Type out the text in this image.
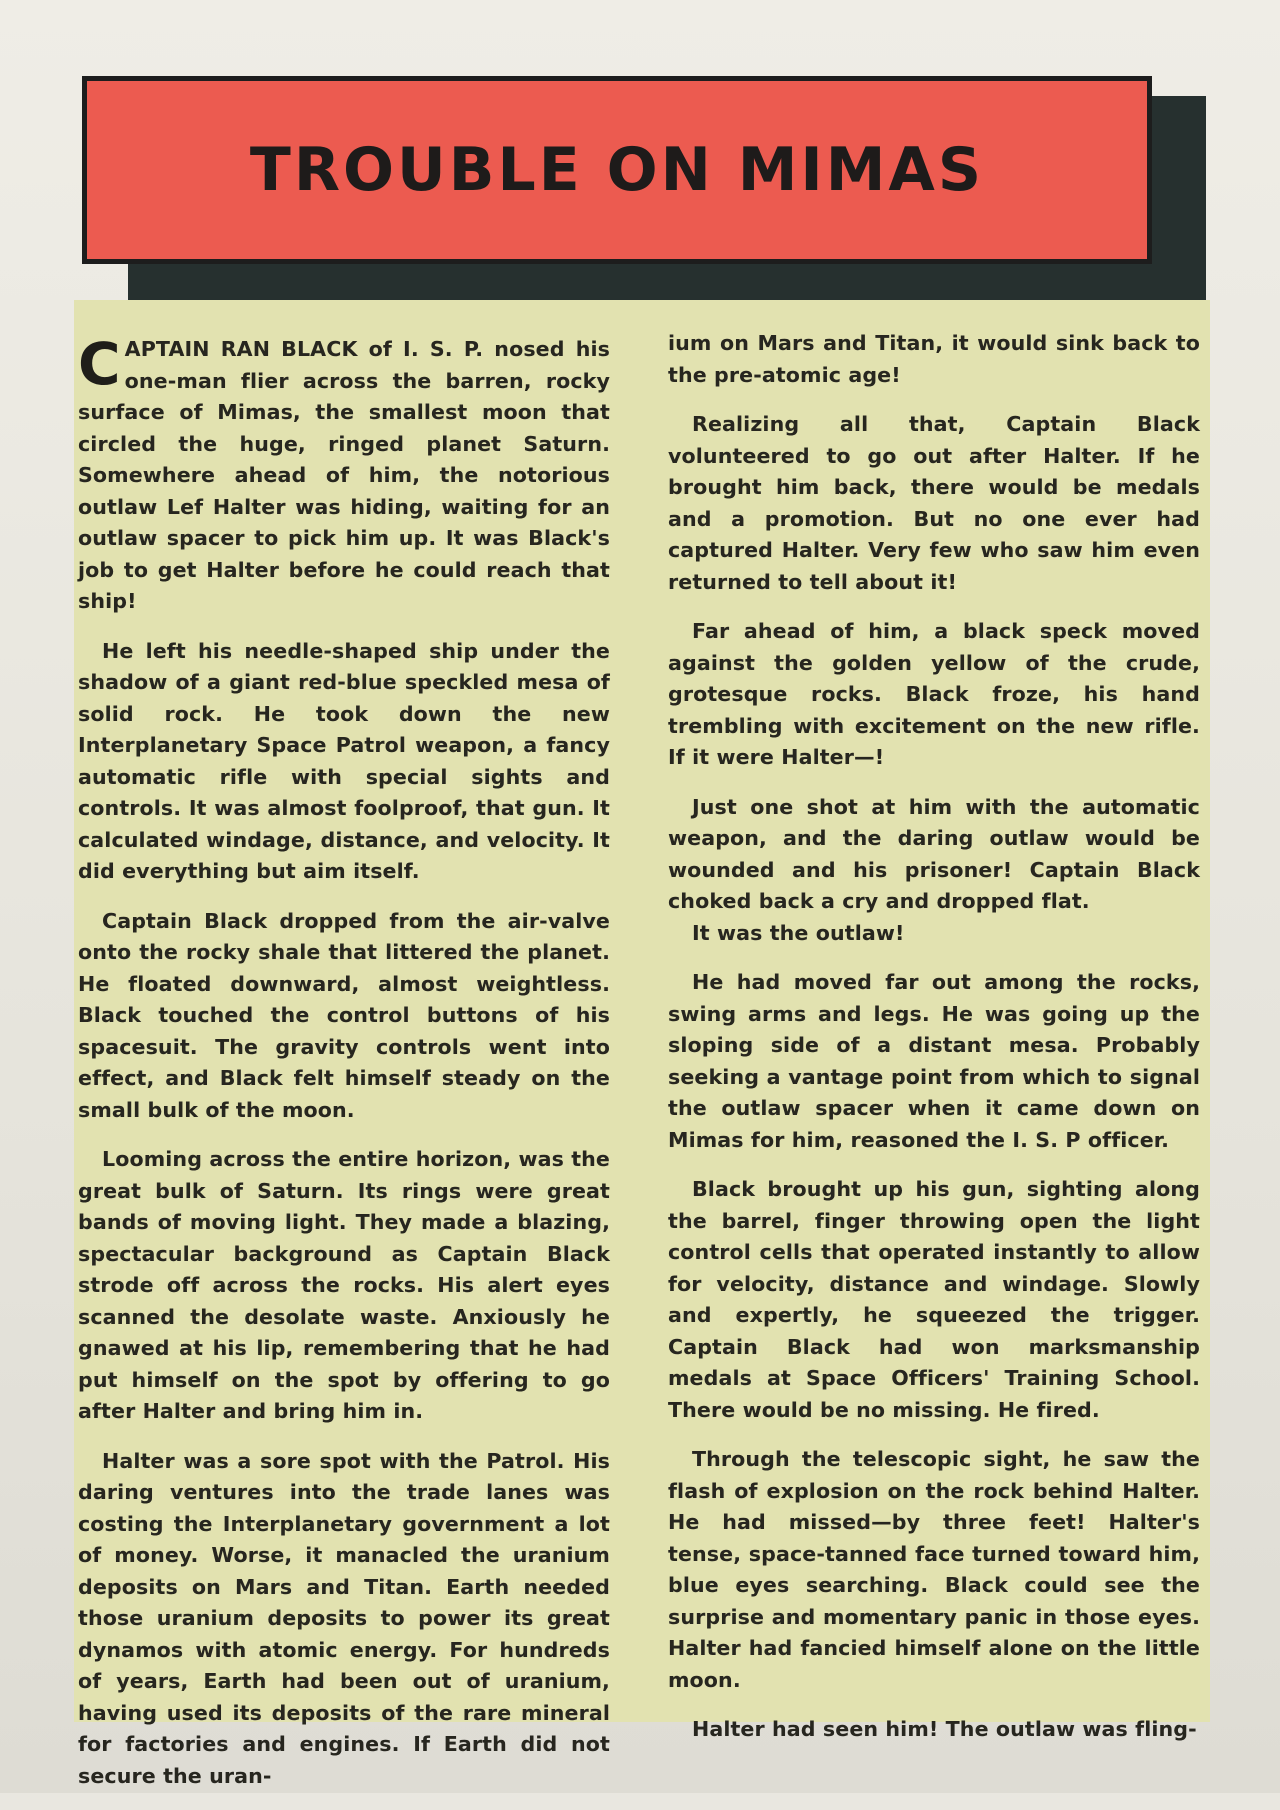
TROUBLE ON MIMAS

CAPTAIN RAN BLACK of I. S. P. nosed his one-man flier across the barren, rocky surface of Mimas, the smallest moon that circled the huge, ringed planet Saturn. Somewhere ahead of him, the notorious outlaw Lef Halter was hiding, waiting for an outlaw spacer to pick him up. It was Black's job to get Halter before he could reach that ship!

He left his needle-shaped ship under the shadow of a giant red-blue speckled mesa of solid rock. He took down the new Interplanetary Space Patrol weapon, a fancy automatic rifle with special sights and controls. It was almost foolproof, that gun. It calculated windage, distance, and velocity. It did everything but aim itself.

Captain Black dropped from the air-valve onto the rocky shale that littered the planet. He floated downward, almost weightless. Black touched the control buttons of his spacesuit. The gravity controls went into effect, and Black felt himself steady on the small bulk of the moon.

Looming across the entire horizon, was the great bulk of Saturn. Its rings were great bands of moving light. They made a blazing, spectacular background as Captain Black strode off across the rocks. His alert eyes scanned the desolate waste. Anxiously he gnawed at his lip, remembering that he had put himself on the spot by offering to go after Halter and bring him in.

Halter was a sore spot with the Patrol. His daring ventures into the trade lanes was costing the Interplanetary government a lot of money. Worse, it manacled the uranium deposits on Mars and Titan. Earth needed those uranium deposits to power its great dynamos with atomic energy. For hundreds of years, Earth had been out of uranium, having used its deposits of the rare mineral for factories and engines. If Earth did not secure the uran-

ium on Mars and Titan, it would sink back to the pre-atomic age!

Realizing all that, Captain Black volunteered to go out after Halter. If he brought him back, there would be medals and a promotion. But no one ever had captured Halter. Very few who saw him even returned to tell about it!

Far ahead of him, a black speck moved against the golden yellow of the crude, grotesque rocks. Black froze, his hand trembling with excitement on the new rifle. If it were Halter—!

Just one shot at him with the automatic weapon, and the daring outlaw would be wounded and his prisoner! Captain Black choked back a cry and dropped flat.

It was the outlaw!

He had moved far out among the rocks, swing arms and legs. He was going up the sloping side of a distant mesa. Probably seeking a vantage point from which to signal the outlaw spacer when it came down on Mimas for him, reasoned the I. S. P officer.

Black brought up his gun, sighting along the barrel, finger throwing open the light control cells that operated instantly to allow for velocity, distance and windage. Slowly and expertly, he squeezed the trigger. Captain Black had won marksmanship medals at Space Officers' Training School. There would be no missing. He fired.

Through the telescopic sight, he saw the flash of explosion on the rock behind Halter. He had missed—by three feet! Halter's tense, space-tanned face turned toward him, blue eyes searching. Black could see the surprise and momentary panic in those eyes. Halter had fancied himself alone on the little moon.

Halter had seen him! The outlaw was fling-
